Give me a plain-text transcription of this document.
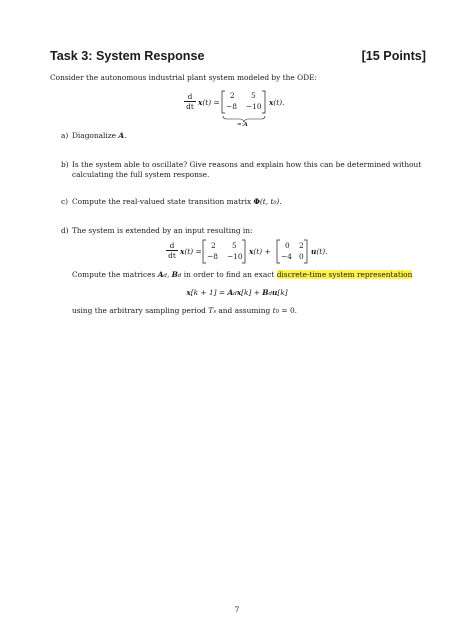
Task 3: System Response	[15 Points]
Consider the autonomous industrial plant system modeled by the ODE:
$\frac{d}{dt} x(t)$ =
2 5
−8 −10 x(t).
=:A
a) Diagonalize A.
b) Is the system able to oscillate? Give reasons and explain how this can be determined without
calculating the full system response.
c) Compute the real-valued state transition matrix Φ(t, t₀).
d) The system is extended by an input resulting in:
$\frac{d}{dt} x(t)$ =
2 5
−8 −10
x(t) +
0 2
−4 0
u(t).
Compute the matrices Ad, Bd in order to find an exact discrete-time system representation
x[k + 1] = Adx[k] + Bdu[k]
using the arbitrary sampling period Ts and assuming t0 = 0.
7
